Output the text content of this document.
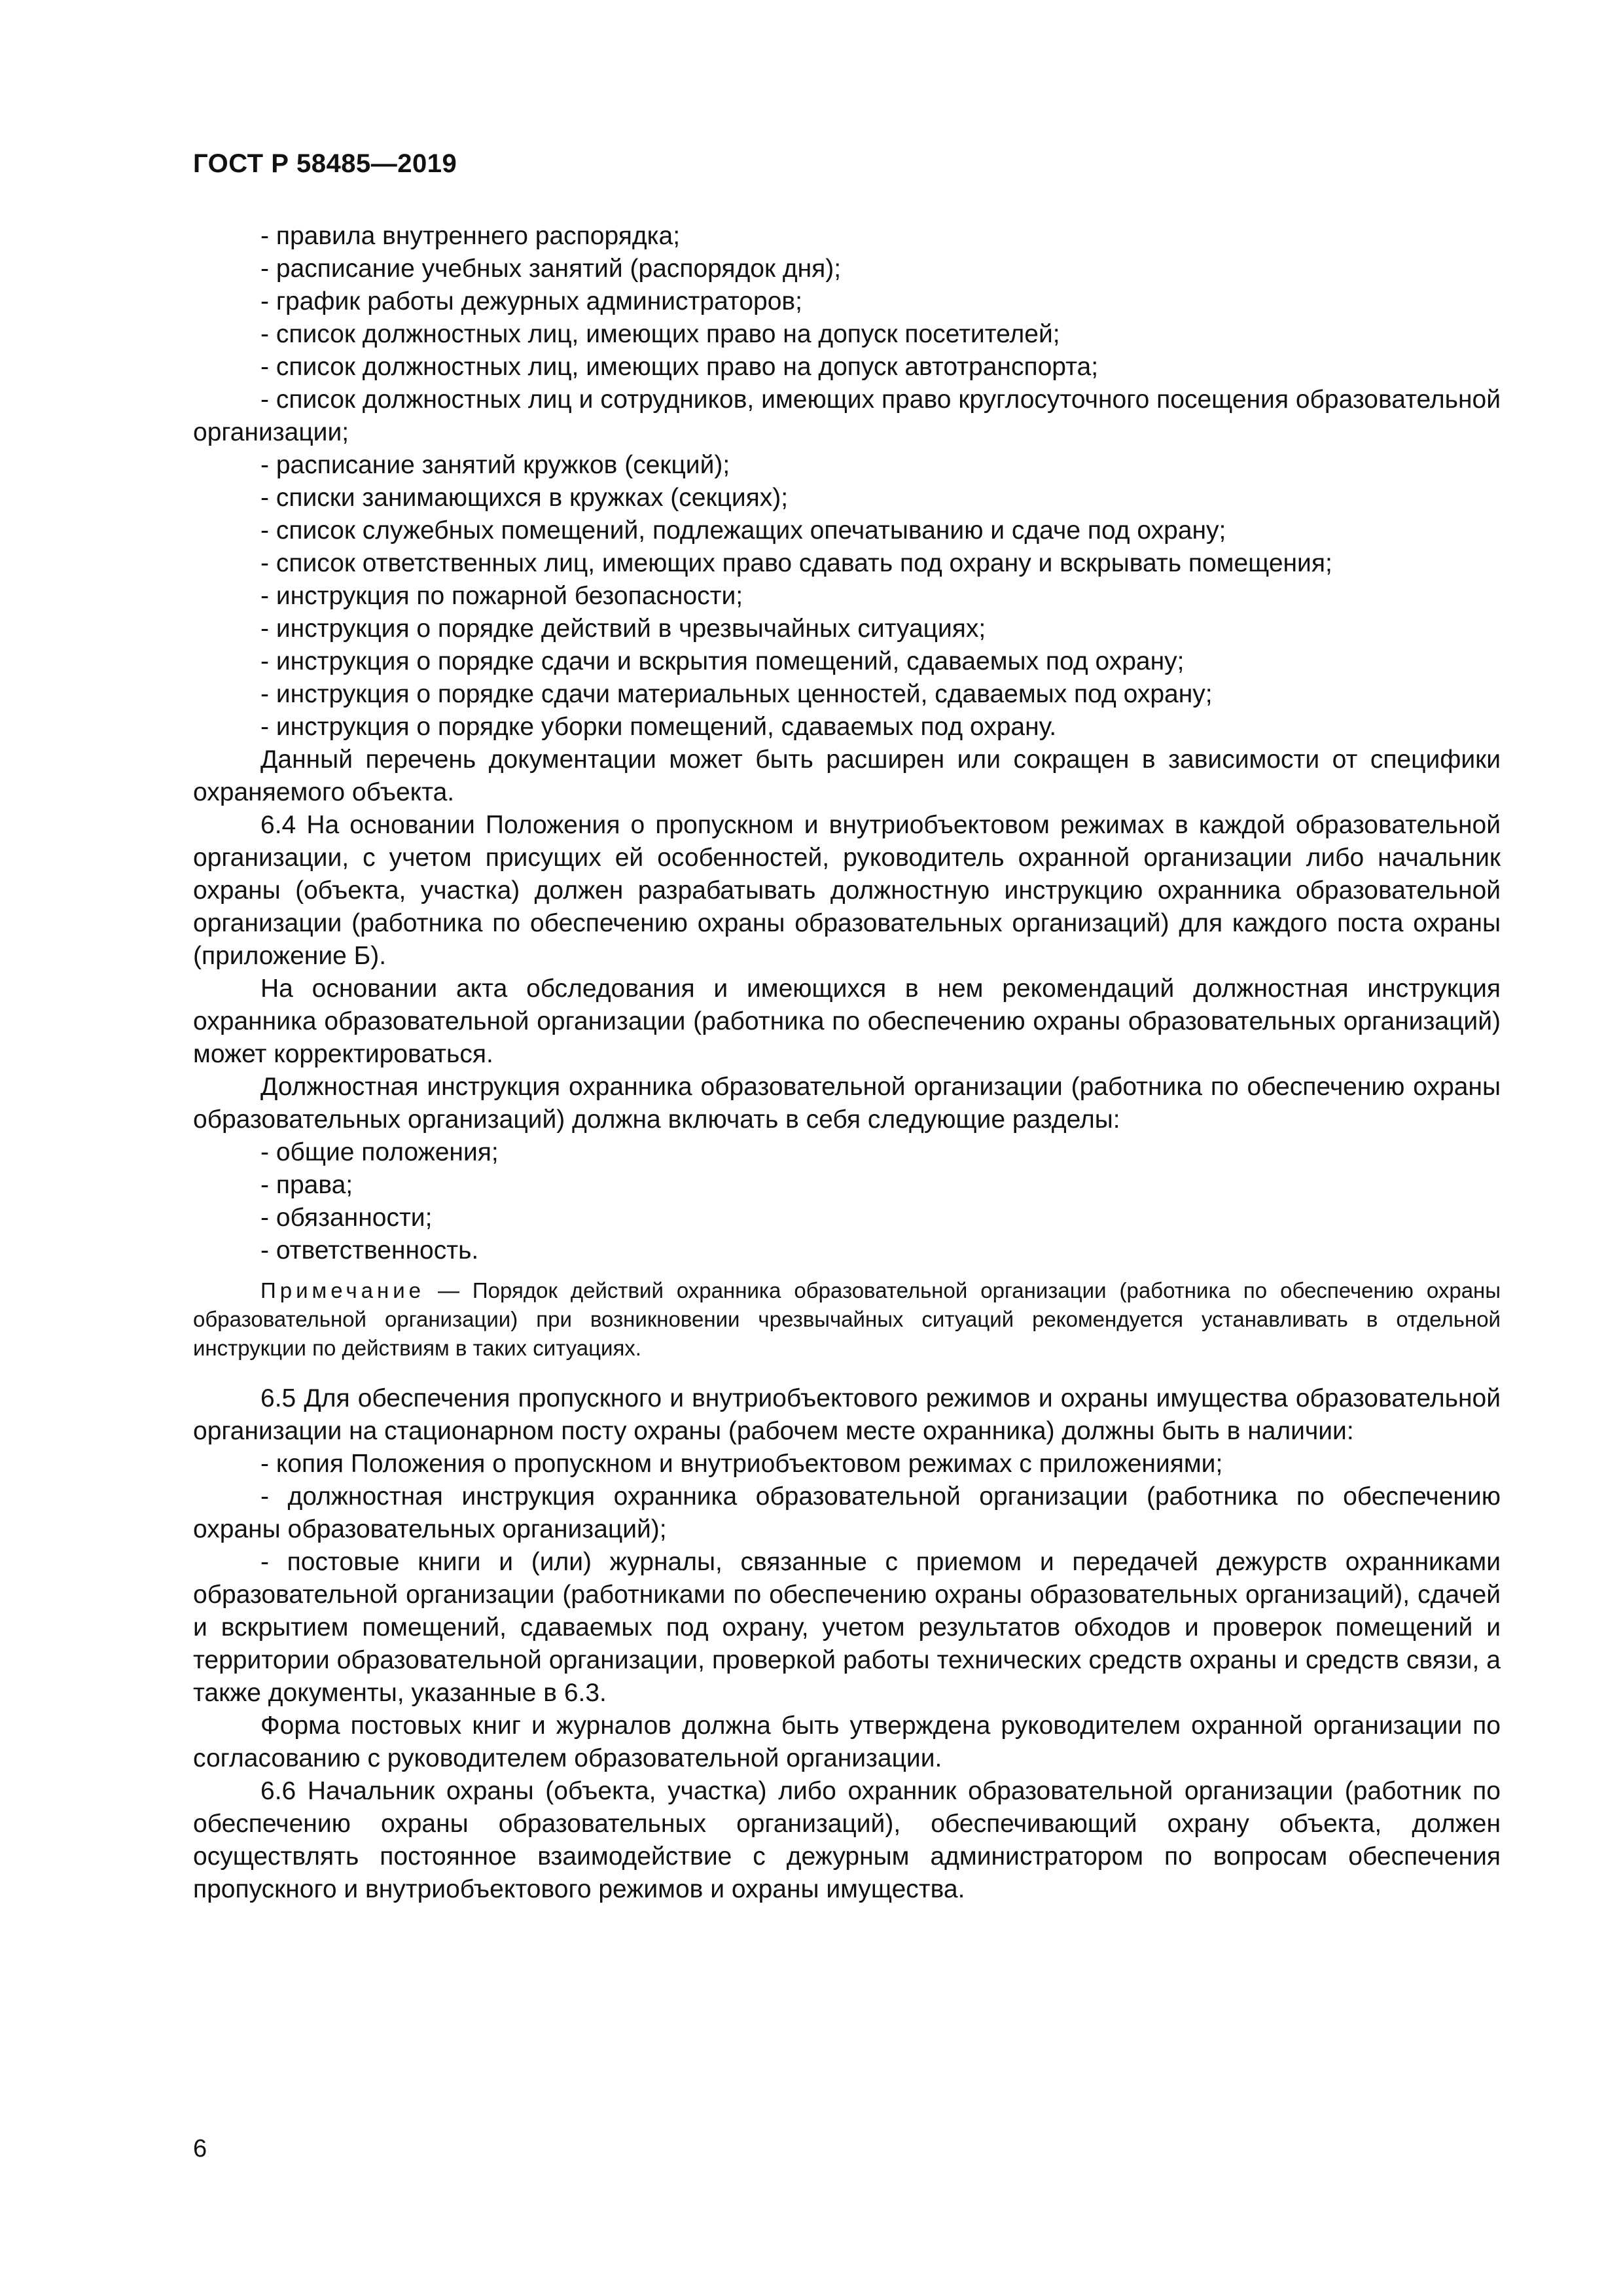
ГОСТ Р 58485—2019

- правила внутреннего распорядка;

- расписание учебных занятий (распорядок дня);

- график работы дежурных администраторов;

- список должностных лиц, имеющих право на допуск посетителей;

- список должностных лиц, имеющих право на допуск автотранспорта;

- список должностных лиц и сотрудников, имеющих право круглосуточного посещения образовательной организации;

- расписание занятий кружков (секций);

- списки занимающихся в кружках (секциях);

- список служебных помещений, подлежащих опечатыванию и сдаче под охрану;

- список ответственных лиц, имеющих право сдавать под охрану и вскрывать помещения;

- инструкция по пожарной безопасности;

- инструкция о порядке действий в чрезвычайных ситуациях;

- инструкция о порядке сдачи и вскрытия помещений, сдаваемых под охрану;

- инструкция о порядке сдачи материальных ценностей, сдаваемых под охрану;

- инструкция о порядке уборки помещений, сдаваемых под охрану.

Данный перечень документации может быть расширен или сокращен в зависимости от специфики охраняемого объекта.

6.4 На основании Положения о пропускном и внутриобъектовом режимах в каждой образовательной организации, с учетом присущих ей особенностей, руководитель охранной организации либо начальник охраны (объекта, участка) должен разрабатывать должностную инструкцию охранника образовательной организации (работника по обеспечению охраны образовательных организаций) для каждого поста охраны (приложение Б).

На основании акта обследования и имеющихся в нем рекомендаций должностная инструкция охранника образовательной организации (работника по обеспечению охраны образовательных организаций) может корректироваться.

Должностная инструкция охранника образовательной организации (работника по обеспечению охраны образовательных организаций) должна включать в себя следующие разделы:

- общие положения;

- права;

- обязанности;

- ответственность.

Примечание — Порядок действий охранника образовательной организации (работника по обеспечению охраны образовательной организации) при возникновении чрезвычайных ситуаций рекомендуется устанавливать в отдельной инструкции по действиям в таких ситуациях.

6.5 Для обеспечения пропускного и внутриобъектового режимов и охраны имущества образовательной организации на стационарном посту охраны (рабочем месте охранника) должны быть в наличии:

- копия Положения о пропускном и внутриобъектовом режимах с приложениями;

- должностная инструкция охранника образовательной организации (работника по обеспечению охраны образовательных организаций);

- постовые книги и (или) журналы, связанные с приемом и передачей дежурств охранниками образовательной организации (работниками по обеспечению охраны образовательных организаций), сдачей и вскрытием помещений, сдаваемых под охрану, учетом результатов обходов и проверок помещений и территории образовательной организации, проверкой работы технических средств охраны и средств связи, а также документы, указанные в 6.3.

Форма постовых книг и журналов должна быть утверждена руководителем охранной организации по согласованию с руководителем образовательной организации.

6.6 Начальник охраны (объекта, участка) либо охранник образовательной организации (работник по обеспечению охраны образовательных организаций), обеспечивающий охрану объекта, должен осуществлять постоянное взаимодействие с дежурным администратором по вопросам обеспечения пропускного и внутриобъектового режимов и охраны имущества.

6
